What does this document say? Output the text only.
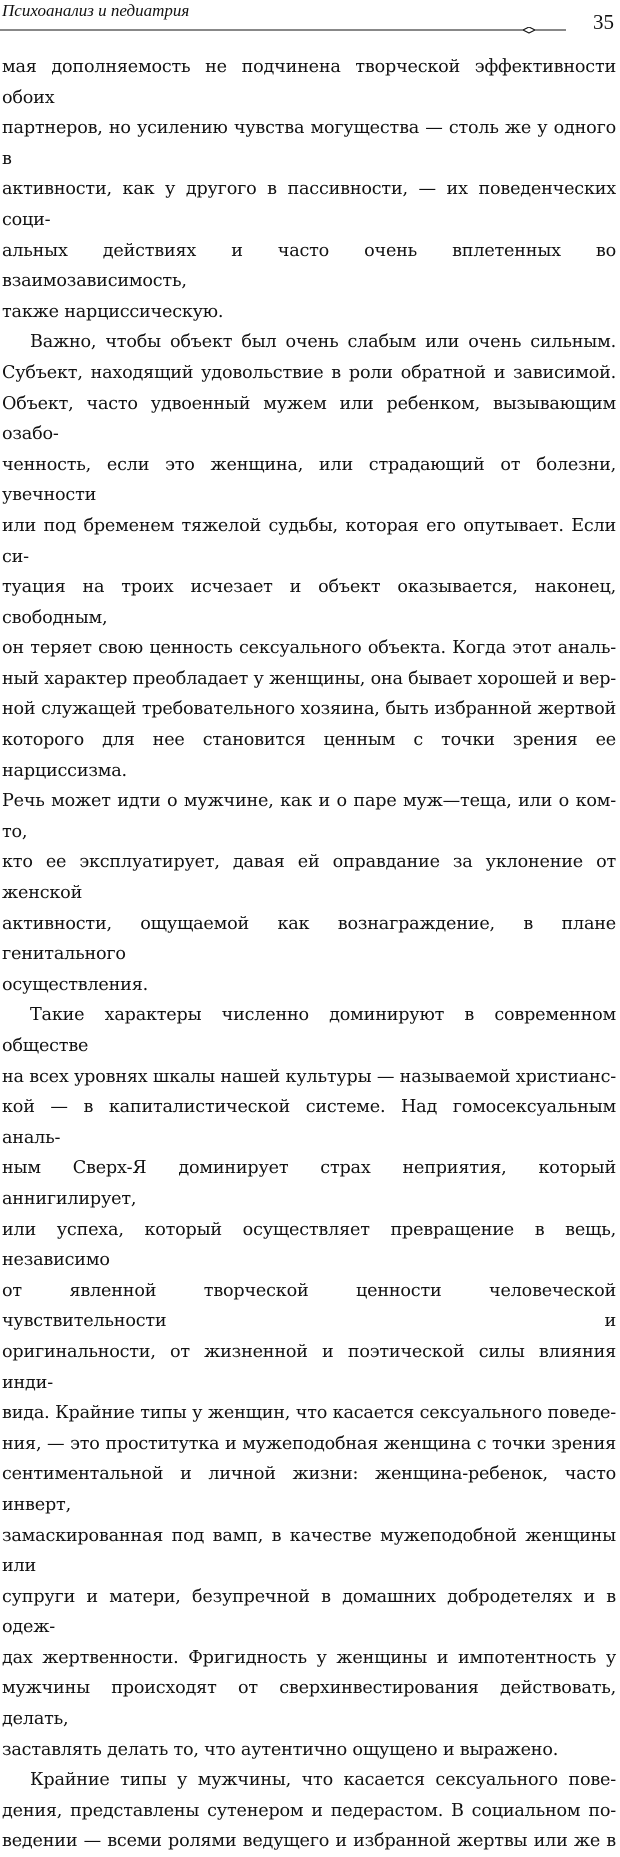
Психоанализ и педиатрия	35

мая дополняемость не подчинена творческой эффективности обоих
партнеров, но усилению чувства могущества — столь же у одного в
активности, как у другого в пассивности, — их поведенческих соци-
альных действиях и часто очень вплетенных во взаимозависимость,
также нарциссическую.

Важно, чтобы объект был очень слабым или очень сильным.
Субъект, находящий удовольствие в роли обратной и зависимой.
Объект, часто удвоенный мужем или ребенком, вызывающим озабо-
ченность, если это женщина, или страдающий от болезни, увечности
или под бременем тяжелой судьбы, которая его опутывает. Если си-
туация на троих исчезает и объект оказывается, наконец, свободным,
он теряет свою ценность сексуального объекта. Когда этот аналь-
ный характер преобладает у женщины, она бывает хорошей и вер-
ной служащей требовательного хозяина, быть избранной жертвой
которого для нее становится ценным с точки зрения ее нарциссизма.
Речь может идти о мужчине, как и о паре муж—теща, или о ком-то,
кто ее эксплуатирует, давая ей оправдание за уклонение от женской
активности, ощущаемой как вознаграждение, в плане генитального
осуществления.

Такие характеры численно доминируют в современном обществе
на всех уровнях шкалы нашей культуры — называемой христианс-
кой — в капиталистической системе. Над гомосексуальным аналь-
ным Сверх-Я доминирует страх неприятия, который аннигилирует,
или успеха, который осуществляет превращение в вещь, независимо
от явленной творческой ценности человеческой чувствительности и
оригинальности, от жизненной и поэтической силы влияния инди-
вида. Крайние типы у женщин, что касается сексуального поведе-
ния, — это проститутка и мужеподобная женщина с точки зрения
сентиментальной и личной жизни: женщина-ребенок, часто инверт,
замаскированная под вамп, в качестве мужеподобной женщины или
супруги и матери, безупречной в домашних добродетелях и в одеж-
дах жертвенности. Фригидность у женщины и импотентность у
мужчины происходят от сверхинвестирования действовать, делать,
заставлять делать то, что аутентично ощущено и выражено.

Крайние типы у мужчины, что касается сексуального пове-
дения, представлены сутенером и педерастом. В социальном по-
ведении — всеми ролями ведущего и избранной жертвы или же в
